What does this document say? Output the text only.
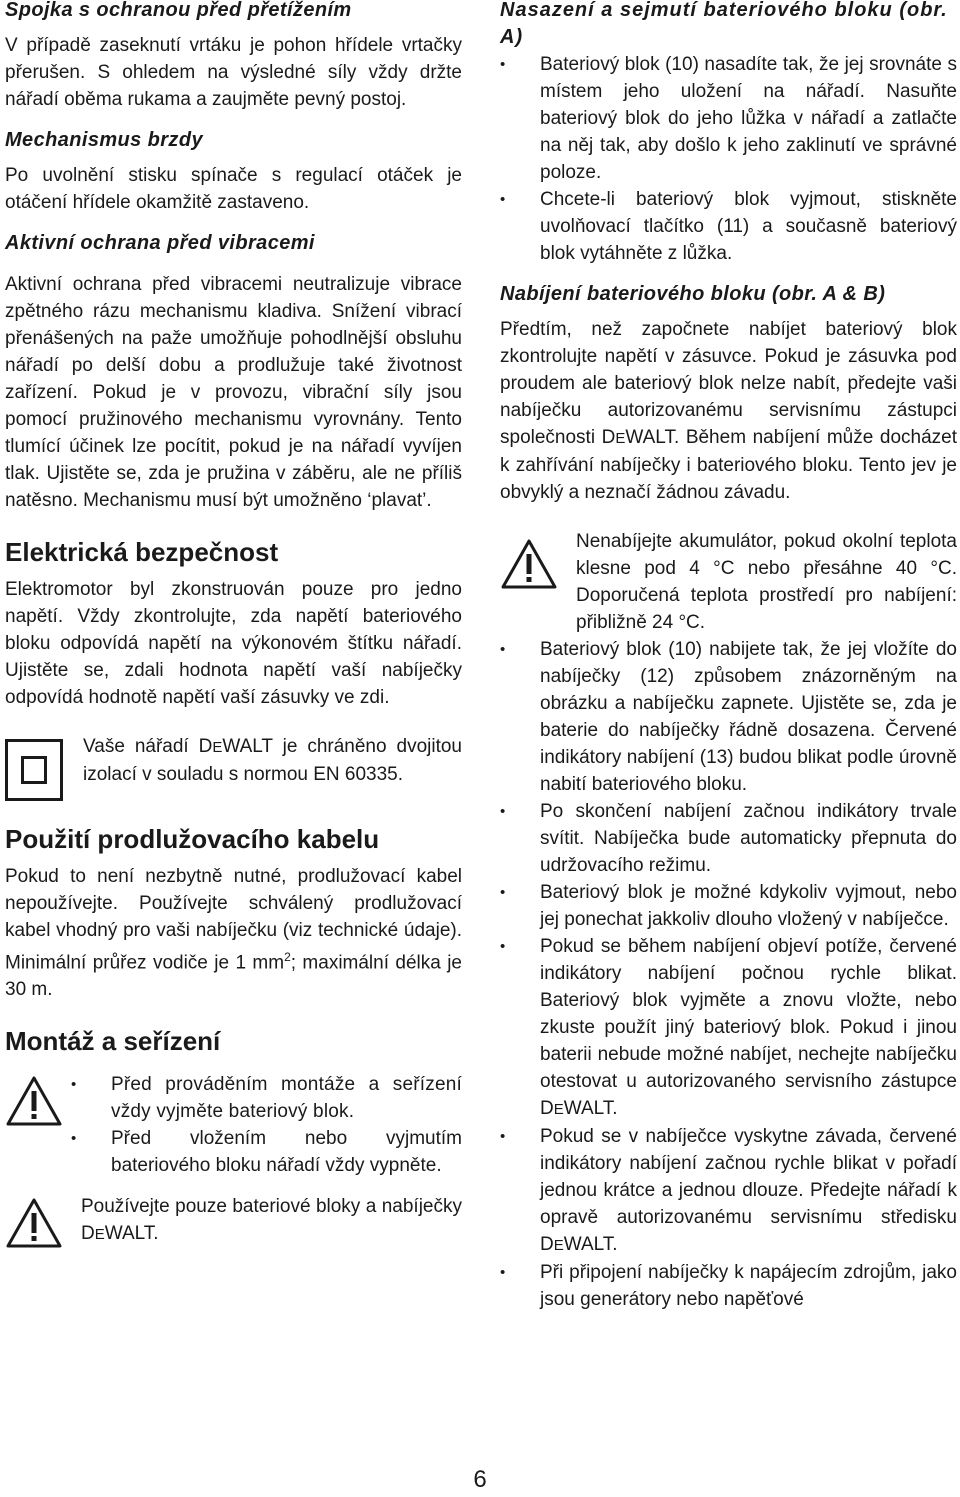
Spojka s ochranou před přetížením

V případě zaseknutí vrtáku je pohon hřídele vrtačky přerušen. S ohledem na výsledné síly vždy držte nářadí oběma rukama a zaujměte pevný postoj.

Mechanismus brzdy

Po uvolnění stisku spínače s regulací otáček je otáčení hřídele okamžitě zastaveno.

Aktivní ochrana před vibracemi

Aktivní ochrana před vibracemi neutralizuje vibrace zpětného rázu mechanismu kladiva. Snížení vibrací přenášených na paže umožňuje pohodlnější obsluhu nářadí po delší dobu a prodlužuje také životnost zařízení. Pokud je v provozu, vibrační síly jsou pomocí pružinového mechanismu vyrovnány. Tento tlumící účinek lze pocítit, pokud je na nářadí vyvíjen tlak. Ujistěte se, zda je pružina v záběru, ale ne příliš natěsno. Mechanismu musí být umožněno ‘plavat’.

Elektrická bezpečnost

Elektromotor byl zkonstruován pouze pro jedno napětí. Vždy zkontrolujte, zda napětí bateriového bloku odpovídá napětí na výkonovém štítku nářadí. Ujistěte se, zdali hodnota napětí vaší nabíječky odpovídá hodnotě napětí vaší zásuvky ve zdi.

Vaše nářadí DEWALT je chráněno dvojitou izolací v souladu s normou EN 60335.

Použití prodlužovacího kabelu

Pokud to není nezbytně nutné, prodlužovací kabel nepoužívejte. Používejte schválený prodlužovací kabel vhodný pro vaši nabíječku (viz technické údaje). Minimální průřez vodiče je 1 $mm^2$; maximální délka je 30 m.

Montáž a seřízení
• Před prováděním montáže a seřízení vždy vyjměte bateriový blok.
• Před vložením nebo vyjmutím bateriového bloku nářadí vždy vypněte.

Používejte pouze bateriové bloky a nabíječky DEWALT.

Nasazení a sejmutí bateriového bloku (obr. A)
• Bateriový blok (10) nasadíte tak, že jej srovnáte s místem jeho uložení na nářadí. Nasuňte bateriový blok do jeho lůžka v nářadí a zatlačte na něj tak, aby došlo k jeho zaklinutí ve správné poloze.
• Chcete-li bateriový blok vyjmout, stiskněte uvolňovací tlačítko (11) a současně bateriový blok vytáhněte z lůžka.
Nabíjení bateriového bloku (obr. A & B)

Předtím, než započnete nabíjet bateriový blok zkontrolujte napětí v zásuvce. Pokud je zásuvka pod proudem ale bateriový blok nelze nabít, předejte vaši nabíječku autorizovanému servisnímu zástupci společnosti DEWALT. Během nabíjení může docházet k zahřívání nabíječky i bateriového bloku. Tento jev je obvyklý a neznačí žádnou závadu.

Nenabíjejte akumulátor, pokud okolní teplota klesne pod 4 °C nebo přesáhne 40 °C. Doporučená teplota prostředí pro nabíjení: přibližně 24 °C.

• Bateriový blok (10) nabijete tak, že jej vložíte do nabíječky (12) způsobem znázorněným na obrázku a nabíječku zapnete. Ujistěte se, zda je baterie do nabíječky řádně dosazena. Červené indikátory nabíjení (13) budou blikat podle úrovně nabití bateriového bloku.
• Po skončení nabíjení začnou indikátory trvale svítit. Nabíječka bude automaticky přepnuta do udržovacího režimu.
• Bateriový blok je možné kdykoliv vyjmout, nebo jej ponechat jakkoliv dlouho vložený v nabíječce.
• Pokud se během nabíjení objeví potíže, červené indikátory nabíjení počnou rychle blikat. Bateriový blok vyjměte a znovu vložte, nebo zkuste použít jiný bateriový blok. Pokud i jinou baterii nebude možné nabíjet, nechejte nabíječku otestovat u autorizovaného servisního zástupce DEWALT.
• Pokud se v nabíječce vyskytne závada, červené indikátory nabíjení začnou rychle blikat v pořadí jednou krátce a jednou dlouze. Předejte nářadí k opravě autorizovanému servisnímu středisku DEWALT.
• Při připojení nabíječky k napájecím zdrojům, jako jsou generátory nebo napěťové
6
